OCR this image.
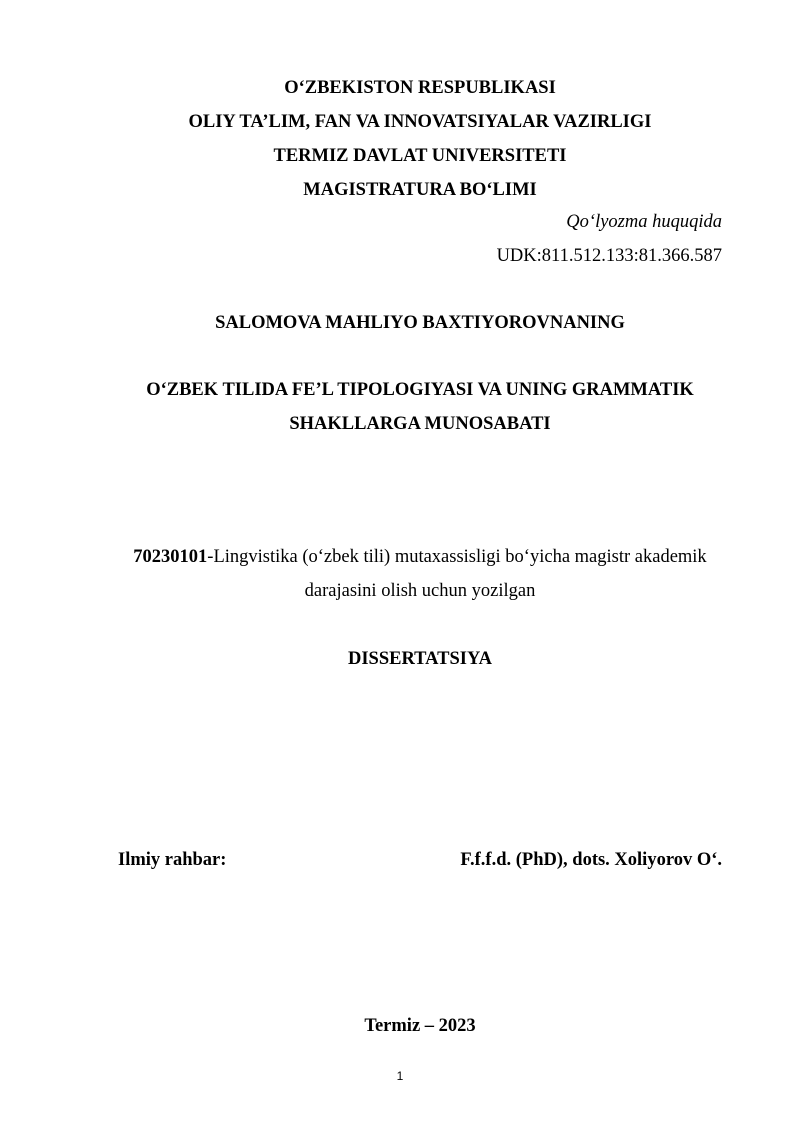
O‘ZBEKISTON RESPUBLIKASI
OLIY TA’LIM, FAN VA INNOVATSIYALAR VAZIRLIGI
TERMIZ DAVLAT UNIVERSITETI
MAGISTRATURA BO‘LIMI
Qo‘lyozma huquqida
UDK:811.512.133:81.366.587
SALOMOVA MAHLIYO BAXTIYOROVNANING
O‘ZBEK TILIDA FE’L TIPOLOGIYASI VA UNING GRAMMATIK
SHAKLLARGA MUNOSABATI
70230101-Lingvistika (o‘zbek tili) mutaxassisligi bo‘yicha magistr akademik
darajasini olish uchun yozilgan
DISSERTATSIYA
Ilmiy rahbar:	F.f.f.d. (PhD), dots. Xoliyorov O‘.
Termiz – 2023
1
